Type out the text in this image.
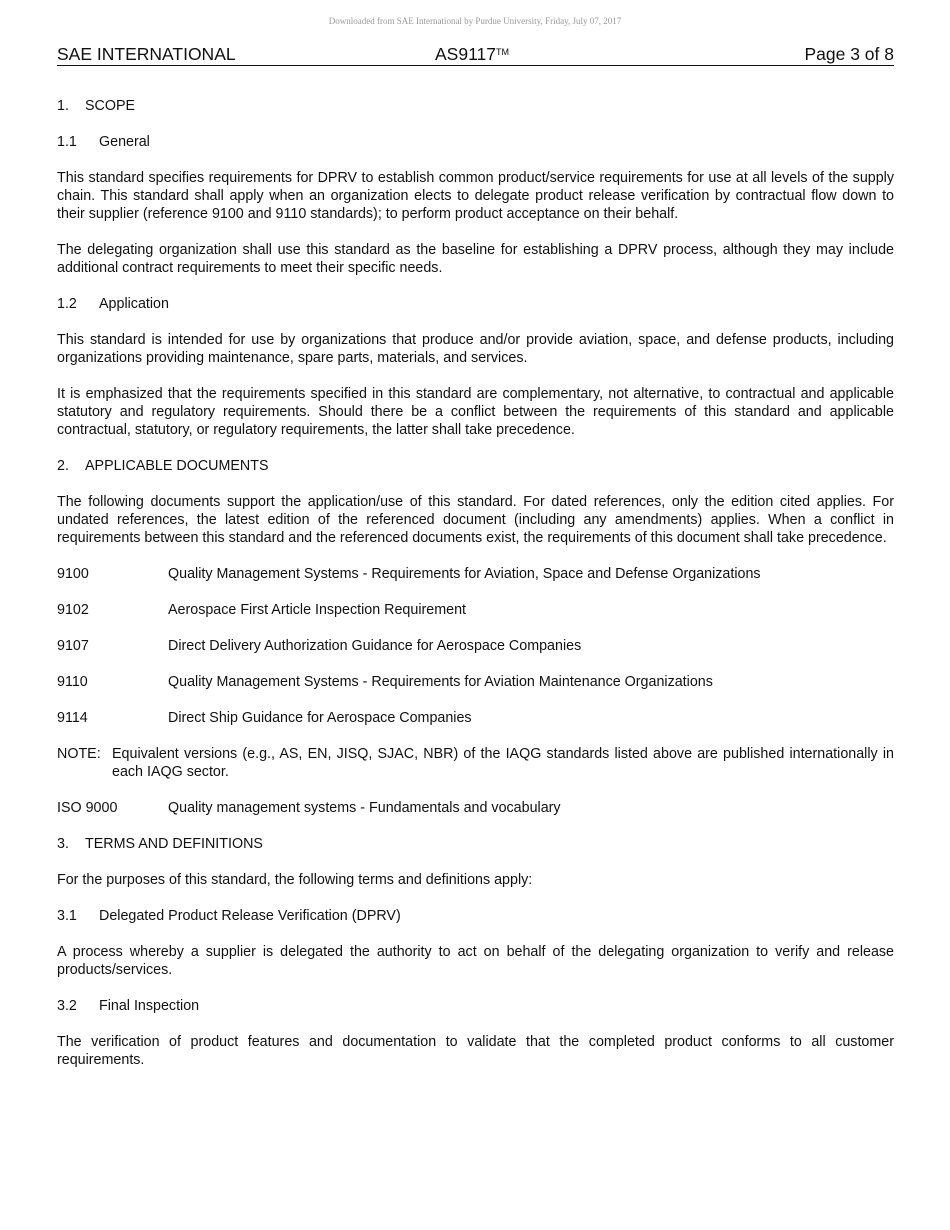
Downloaded from SAE International by Purdue University, Friday, July 07, 2017
SAE INTERNATIONAL	AS9117™	Page 3 of 8
1. SCOPE
1.1 General

This standard specifies requirements for DPRV to establish common product/service requirements for use at all levels of the supply chain. This standard shall apply when an organization elects to delegate product release verification by contractual flow down to their supplier (reference 9100 and 9110 standards); to perform product acceptance on their behalf.

The delegating organization shall use this standard as the baseline for establishing a DPRV process, although they may include additional contract requirements to meet their specific needs.

1.2 Application

This standard is intended for use by organizations that produce and/or provide aviation, space, and defense products, including organizations providing maintenance, spare parts, materials, and services.

It is emphasized that the requirements specified in this standard are complementary, not alternative, to contractual and applicable statutory and regulatory requirements. Should there be a conflict between the requirements of this standard and applicable contractual, statutory, or regulatory requirements, the latter shall take precedence.

2. APPLICABLE DOCUMENTS

The following documents support the application/use of this standard. For dated references, only the edition cited applies. For undated references, the latest edition of the referenced document (including any amendments) applies. When a conflict in requirements between this standard and the referenced documents exist, the requirements of this document shall take precedence.

9100	Quality Management Systems - Requirements for Aviation, Space and Defense Organizations
9102	Aerospace First Article Inspection Requirement
9107	Direct Delivery Authorization Guidance for Aerospace Companies
9110	Quality Management Systems - Requirements for Aviation Maintenance Organizations
9114	Direct Ship Guidance for Aerospace Companies
NOTE: Equivalent versions (e.g., AS, EN, JISQ, SJAC, NBR) of the IAQG standards listed above are published internationally in each IAQG sector.
ISO 9000	Quality management systems - Fundamentals and vocabulary
3. TERMS AND DEFINITIONS

For the purposes of this standard, the following terms and definitions apply:

3.1 Delegated Product Release Verification (DPRV)

A process whereby a supplier is delegated the authority to act on behalf of the delegating organization to verify and release products/services.

3.2 Final Inspection

The verification of product features and documentation to validate that the completed product conforms to all customer requirements.
